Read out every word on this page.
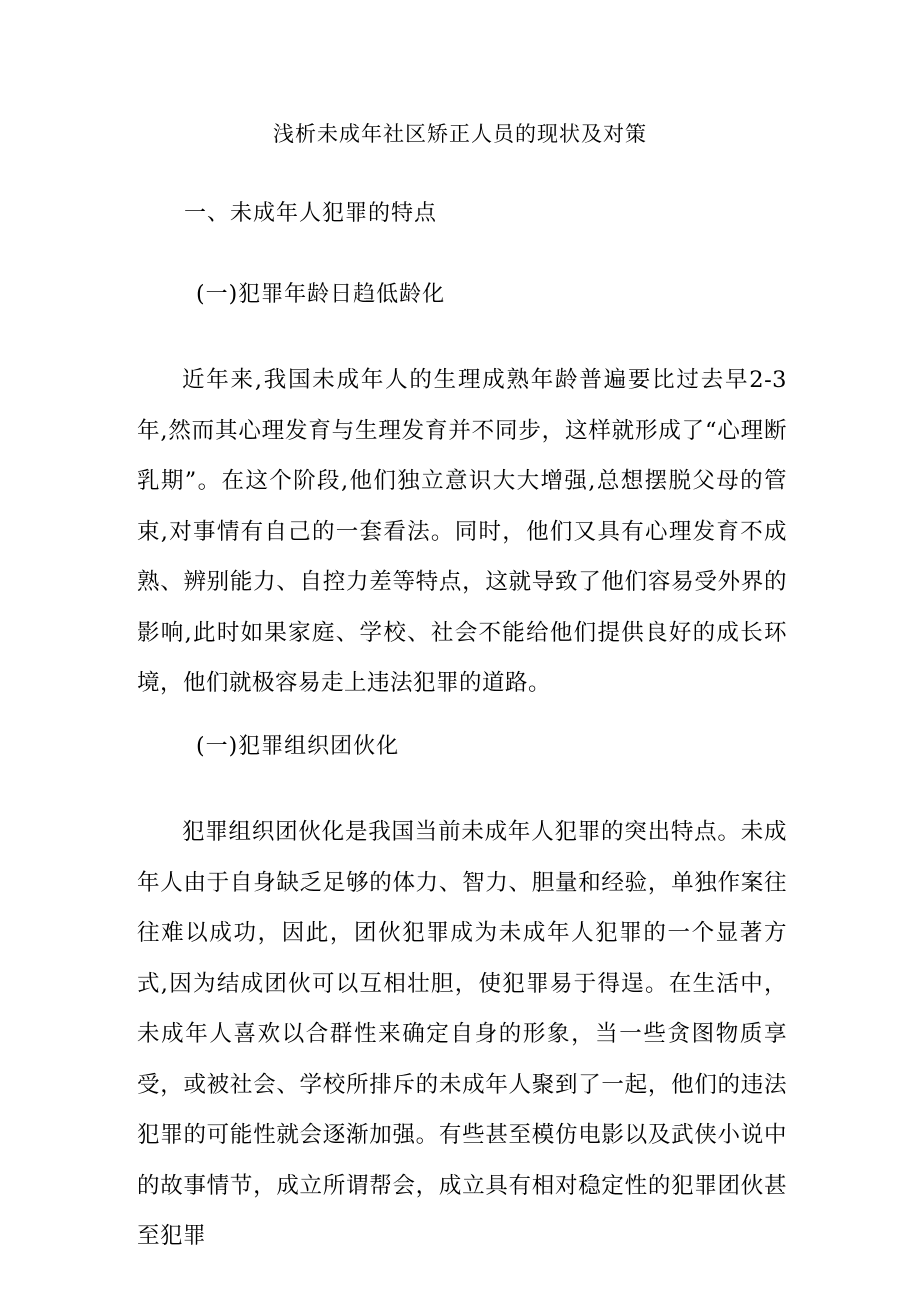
浅析未成年社区矫正人员的现状及对策
一、未成年人犯罪的特点
(一)犯罪年龄日趋低龄化
近年来,我国未成年人的生理成熟年龄普遍要比过去早2-3年,然而其心理发育与生理发育并不同步，这样就形成了“心理断乳期”。在这个阶段,他们独立意识大大增强,总想摆脱父母的管束,对事情有自己的一套看法。同时，他们又具有心理发育不成熟、辨别能力、自控力差等特点，这就导致了他们容易受外界的影响,此时如果家庭、学校、社会不能给他们提供良好的成长环境，他们就极容易走上违法犯罪的道路。
(一)犯罪组织团伙化
犯罪组织团伙化是我国当前未成年人犯罪的突出特点。未成年人由于自身缺乏足够的体力、智力、胆量和经验，单独作案往往难以成功，因此，团伙犯罪成为未成年人犯罪的一个显著方式,因为结成团伙可以互相壮胆，使犯罪易于得逞。在生活中，未成年人喜欢以合群性来确定自身的形象，当一些贪图物质享受，或被社会、学校所排斥的未成年人聚到了一起，他们的违法犯罪的可能性就会逐渐加强。有些甚至模仿电影以及武侠小说中的故事情节，成立所谓帮会，成立具有相对稳定性的犯罪团伙甚至犯罪
